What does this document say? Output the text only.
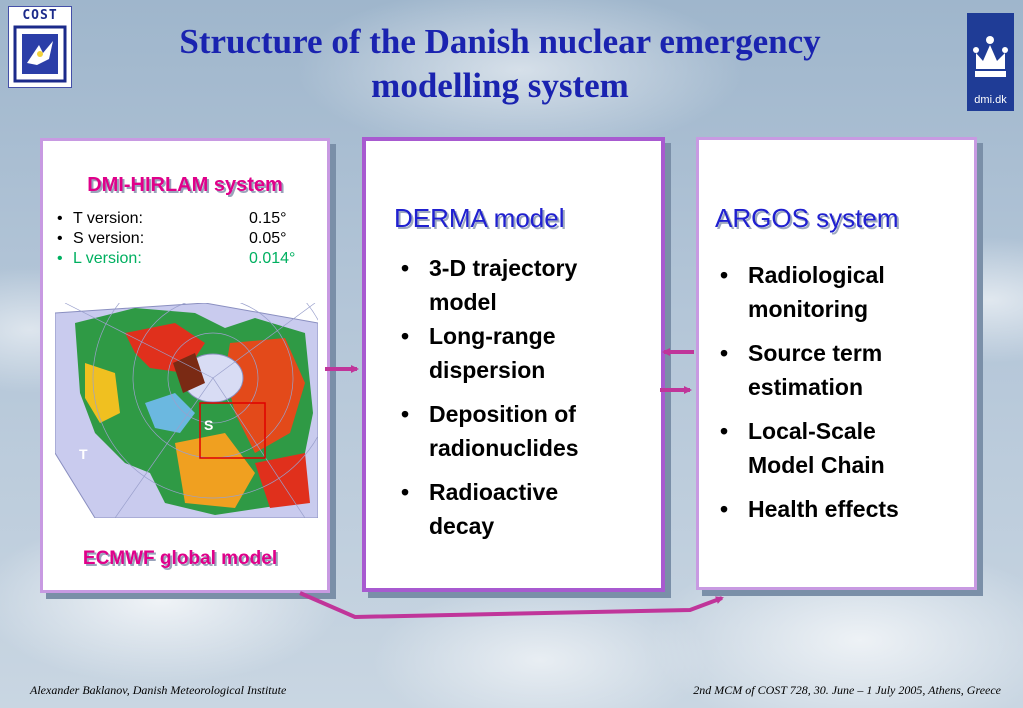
Structure of the Danish nuclear emergency
modelling system
COST
dmi.dk
DMI-HIRLAM system
• T version:	0.15°
• S version:	0.05°
• L version:	0.014°
S
T
ECMWF global model
DERMA model
• 3-D trajectory
model
• Long-range
dispersion
• Deposition of
radionuclides
• Radioactive
decay
ARGOS system
• Radiological
monitoring
• Source term
estimation
• Local-Scale
Model Chain
• Health effects
Alexander Baklanov, Danish Meteorological Institute	2nd MCM of COST 728, 30. June – 1 July 2005, Athens, Greece
